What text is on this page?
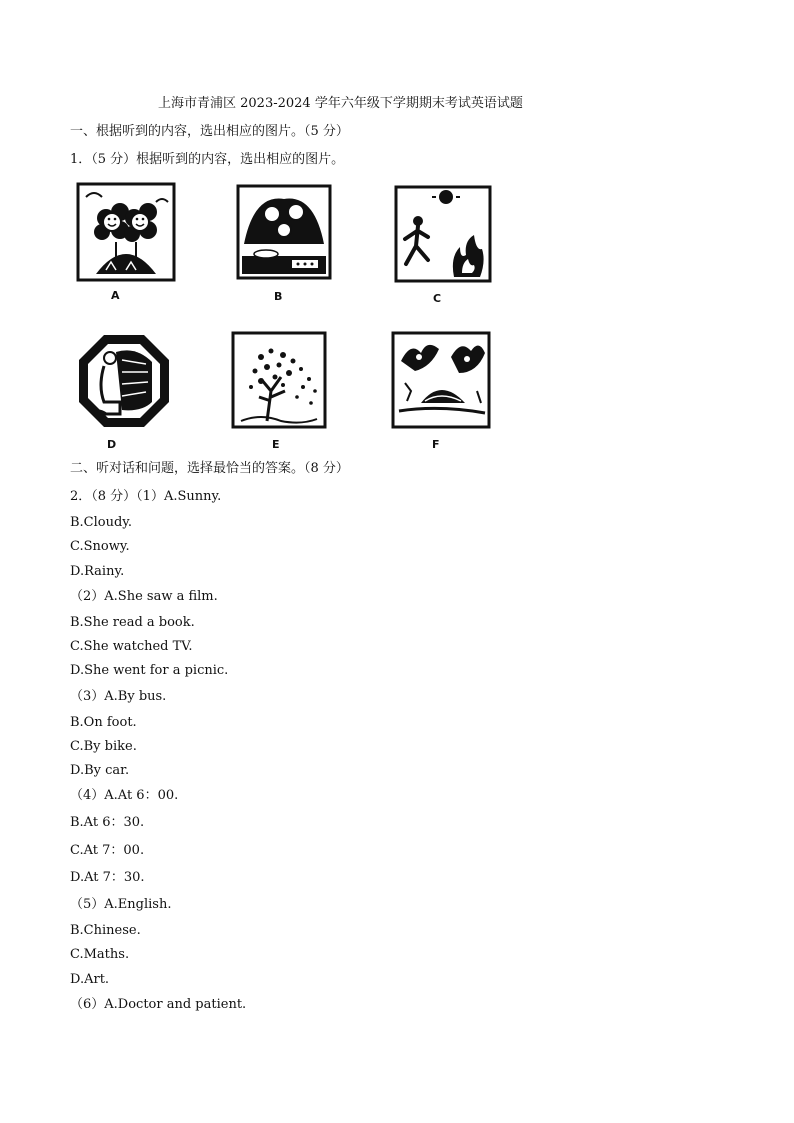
上海市青浦区 2023-2024 学年六年级下学期期末考试英语试题
一、根据听到的内容，选出相应的图片。（5 分）
1．（5 分）根据听到的内容，选出相应的图片。
A	B	C
D	E	F
二、听对话和问题，选择最恰当的答案。（8 分）
2．（8 分）（1）A.Sunny.
B.Cloudy.
C.Snowy.
D.Rainy.
（2）A.She saw a film.
B.She read a book.
C.She watched TV.
D.She went for a picnic.
（3）A.By bus.
B.On foot.
C.By bike.
D.By car.
（4）A.At 6：00.
B.At 6：30.
C.At 7：00.
D.At 7：30.
（5）A.English.
B.Chinese.
C.Maths.
D.Art.
（6）A.Doctor and patient.
